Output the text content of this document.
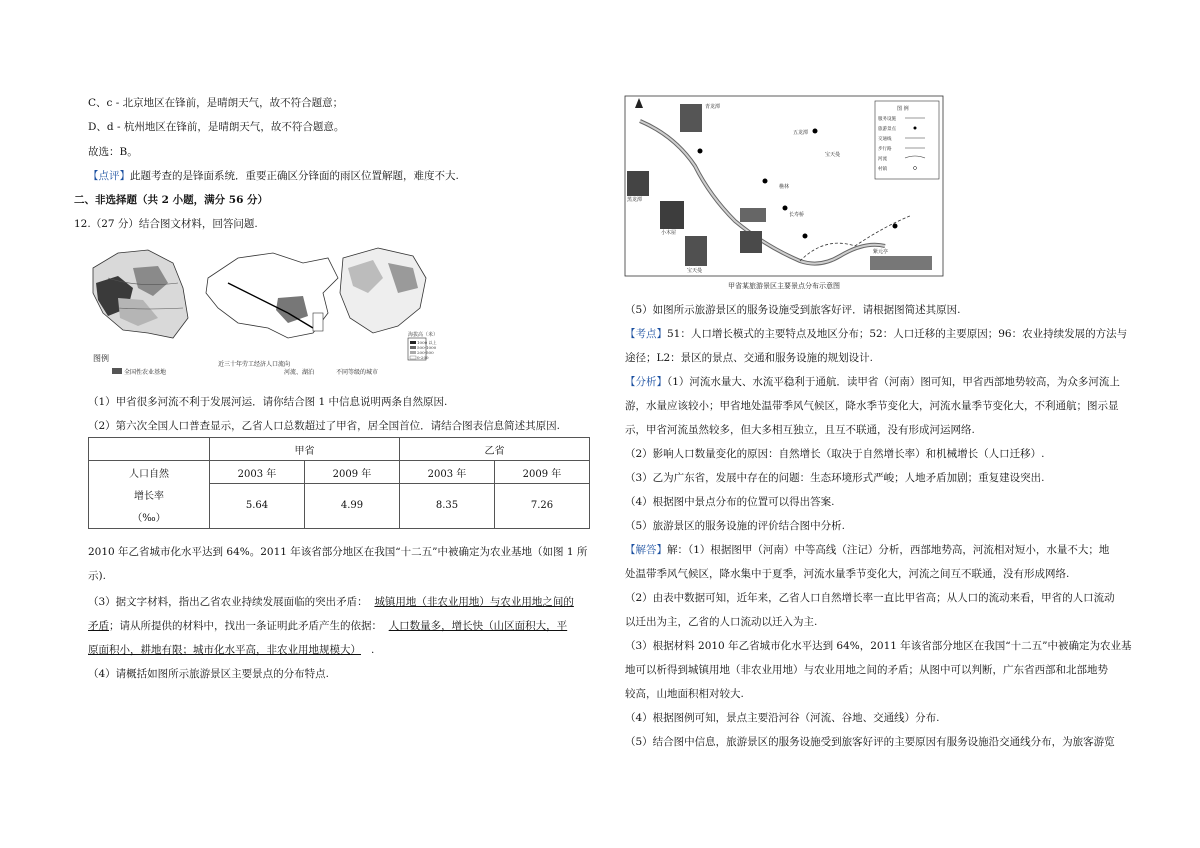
C、c - 北京地区在锋前，是晴朗天气，故不符合题意；
D、d - 杭州地区在锋前，是晴朗天气，故不符合题意。
故选：B。
【点评】此题考查的是锋面系统．重要正确区分锋面的雨区位置解题，难度不大.
二、非选择题（共 2 小题，满分 56 分）
12.（27 分）结合图文材料，回答问题.
海拔高（米）
1000 以上
500-1000
200-500
0-200
图例
全国性农业基地
近三十年劳工经济人口流向
河流、湖泊	不同等级的城市
（1）甲省很多河流不利于发展河运．请你结合图 1 中信息说明两条自然原因.
（2）第六次全国人口普查显示，乙省人口总数超过了甲省，居全国首位．请结合图表信息简述其原因.
	甲省		乙省	
人口自然	2003 年	2009 年	2003 年	2009 年
增长率	5.64	4.99	8.35	7.26
（‰）				
2010 年乙省城市化水平达到 64%。2011 年该省部分地区在我国“十二五”中被确定为农业基地（如图 1 所
示).
（3）据文字材料，指出乙省农业持续发展面临的突出矛盾： 城镇用地（非农业用地）与农业用地之间的
矛盾；请从所提供的材料中，找出一条证明此矛盾产生的依据： 人口数量多，增长快（山区面积大，平
原面积小，耕地有限；城市化水平高，非农业用地规模大） .
（4）请概括如图所示旅游景区主要景点的分布特点.
五龙潭
樵林
长寿桥
小木屋
宝天曼
紫元亭
青龙潭
黑龙潭
宝天曼
图 例
服务设施
旅游景点
交通线
步行路
河流
村镇
甲省某旅游景区主要景点分布示意图
（5）如图所示旅游景区的服务设施受到旅客好评．请根据图简述其原因.
【考点】51：人口增长模式的主要特点及地区分布；52：人口迁移的主要原因；96：农业持续发展的方法与
途径；L2：景区的景点、交通和服务设施的规划设计.
【分析】（1）河流水量大、水流平稳利于通航．读甲省（河南）图可知，甲省西部地势较高，为众多河流上
游，水量应该较小；甲省地处温带季风气候区，降水季节变化大，河流水量季节变化大，不利通航；图示显
示，甲省河流虽然较多，但大多相互独立，且互不联通，没有形成河运网络.
（2）影响人口数量变化的原因：自然增长（取决于自然增长率）和机械增长（人口迁移）.
（3）乙为广东省，发展中存在的问题：生态环境形式严峻；人地矛盾加剧；重复建设突出.
（4）根据图中景点分布的位置可以得出答案.
（5）旅游景区的服务设施的评价结合图中分析.
【解答】解：（1）根据图甲（河南）中等高线（注记）分析，西部地势高，河流相对短小，水量不大；地
处温带季风气候区，降水集中于夏季，河流水量季节变化大，河流之间互不联通，没有形成网络.
（2）由表中数据可知，近年来，乙省人口自然增长率一直比甲省高；从人口的流动来看，甲省的人口流动
以迁出为主，乙省的人口流动以迁入为主.
（3）根据材料 2010 年乙省城市化水平达到 64%，2011 年该省部分地区在我国“十二五”中被确定为农业基
地可以析得到城镇用地（非农业用地）与农业用地之间的矛盾；从图中可以判断，广东省西部和北部地势
较高，山地面积相对较大.
（4）根据图例可知，景点主要沿河谷（河流、谷地、交通线）分布.
（5）结合图中信息，旅游景区的服务设施受到旅客好评的主要原因有服务设施沿交通线分布，为旅客游览
